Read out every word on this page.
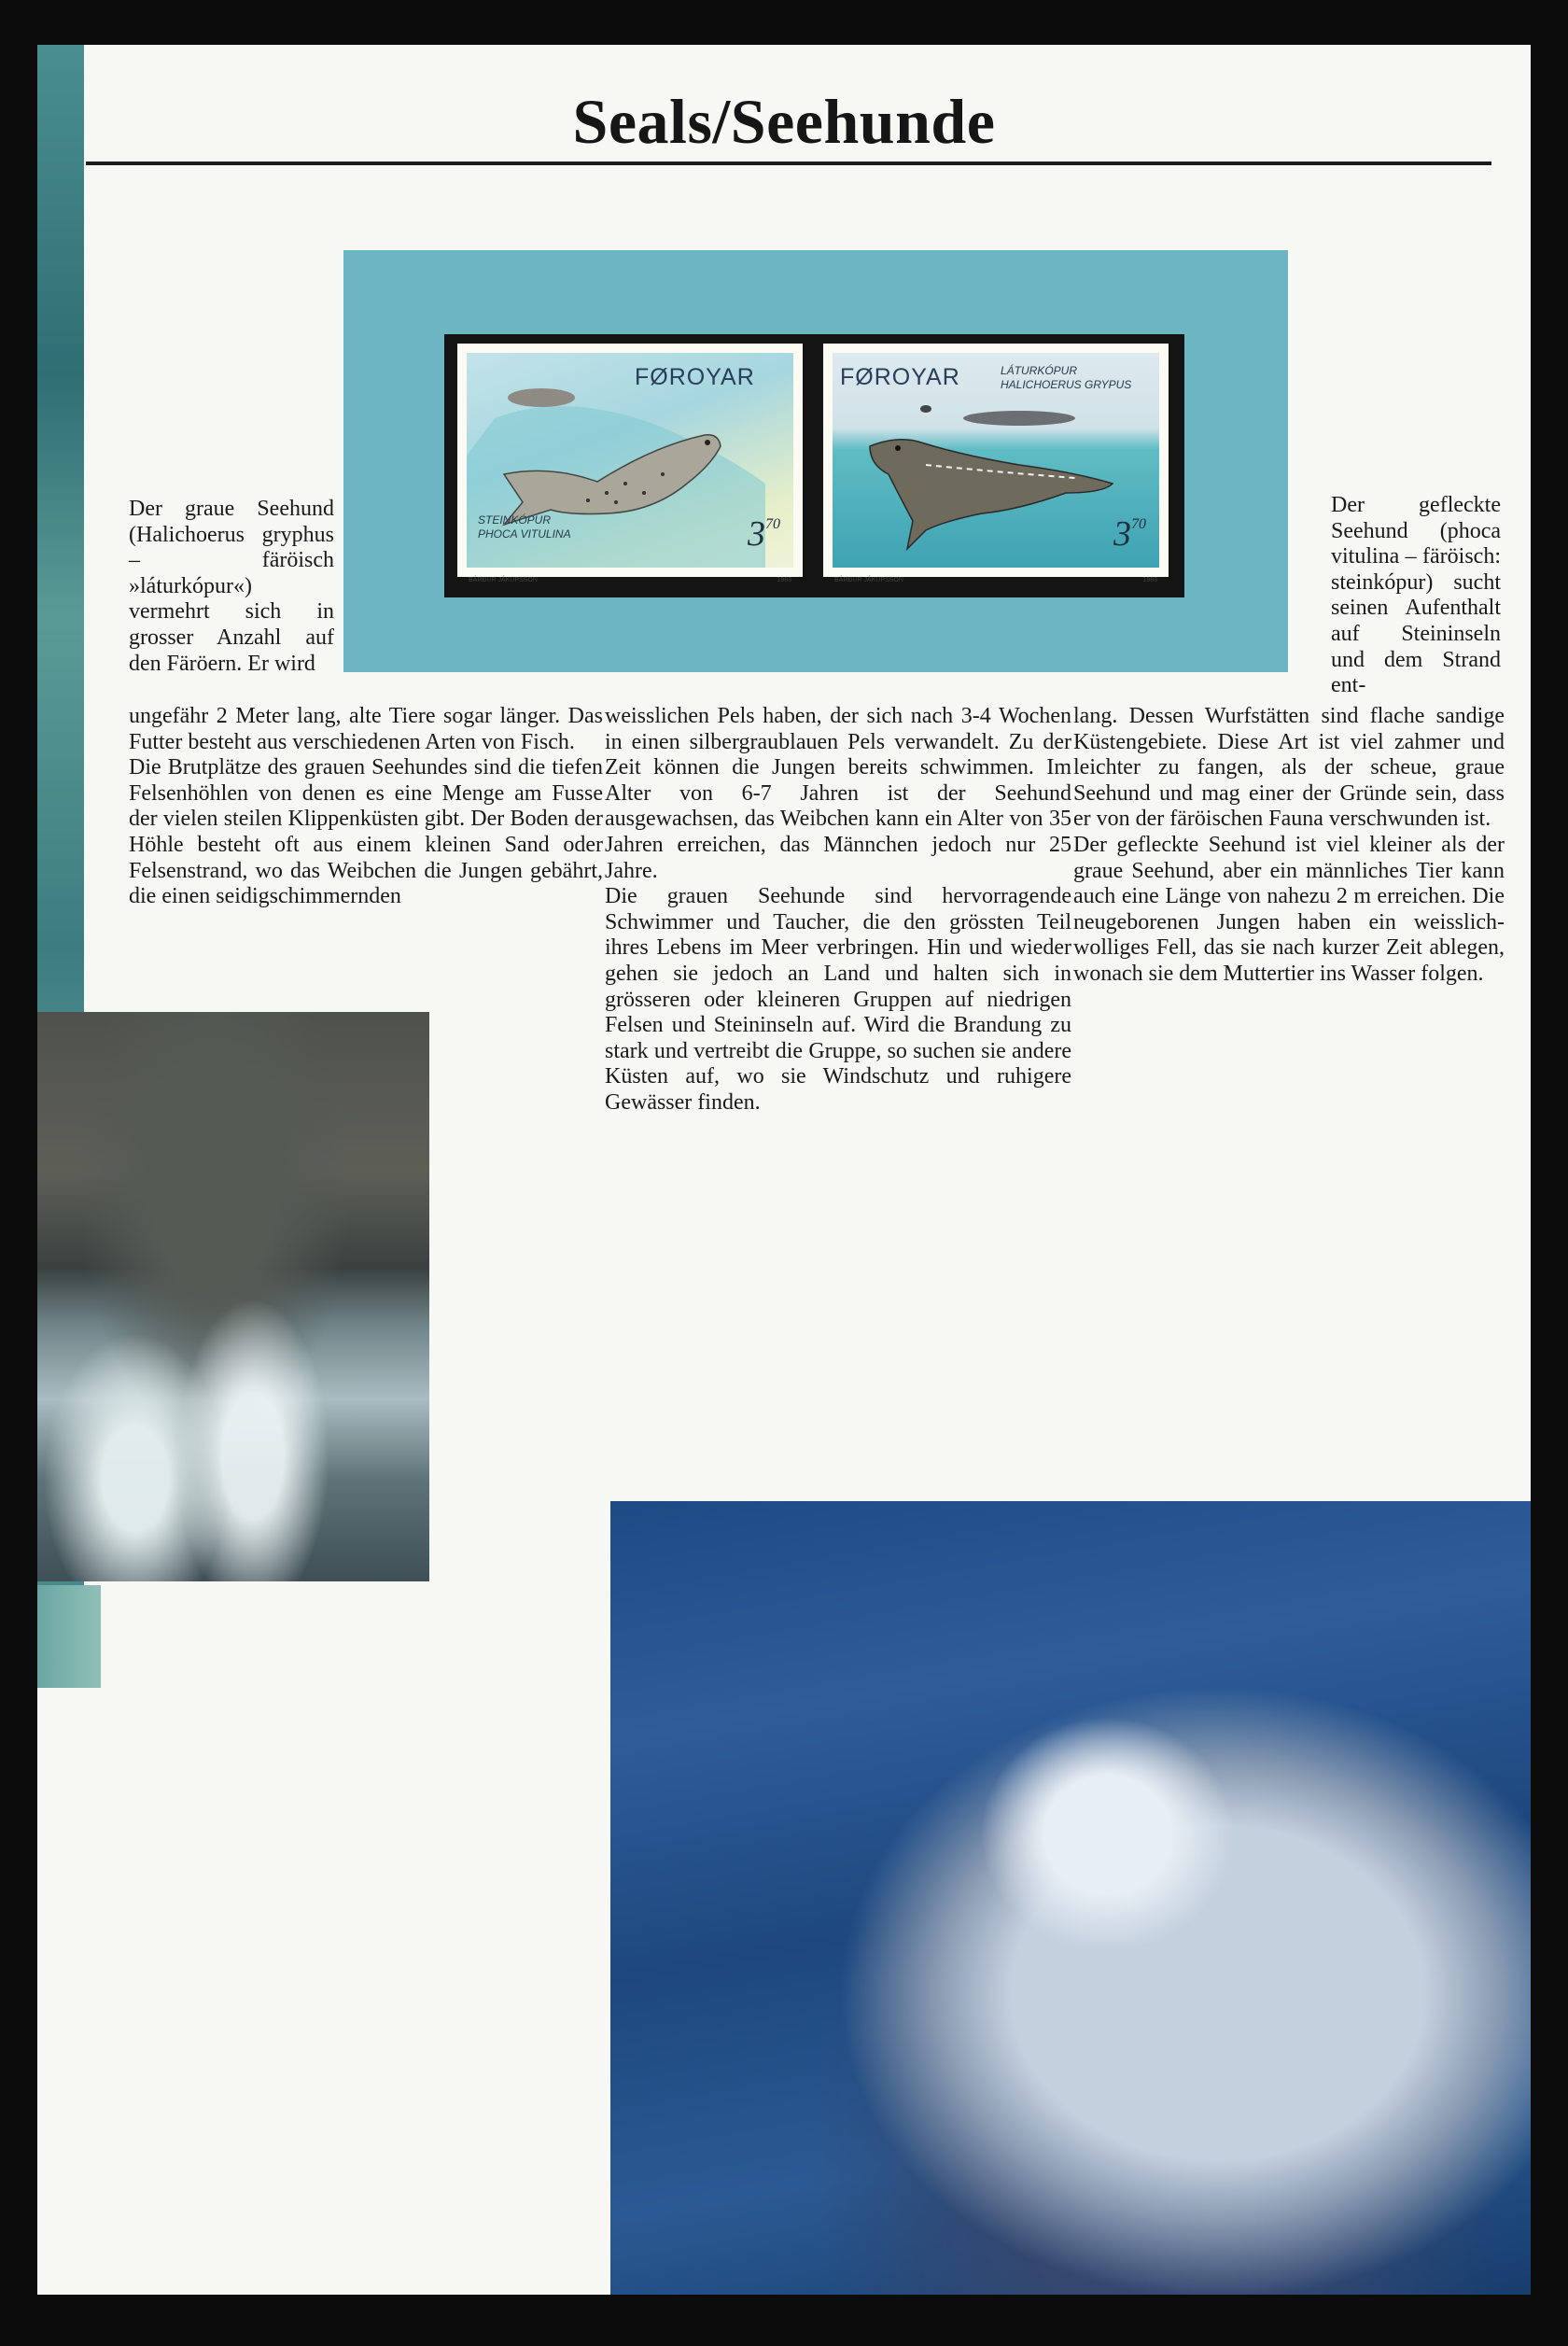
Seals/Seehunde
FØROYAR
STEINKÓPUR
PHOCA VITULINA	$3^{70}$
BÁRÐUR JÁKUPSSON	1983
FØROYAR	LÁTURKÓPUR
HALICHOERUS GRYPUS
$3^{70}$
BÁRÐUR JÁKUPSSON	1983

Der graue Seehund (Halichoerus gryphus – färöisch »láturkópur«) vermehrt sich in grosser Anzahl auf den Färöern. Er wird

ungefähr 2 Meter lang, alte Tiere sogar länger. Das Futter besteht aus verschiedenen Arten von Fisch.

Die Brutplätze des grauen Seehundes sind die tiefen Felsenhöhlen von denen es eine Menge am Fusse der vielen steilen Klippenküsten gibt. Der Boden der Höhle besteht oft aus einem kleinen Sand oder Felsenstrand, wo das Weibchen die Jungen gebährt, die einen seidigschimmernden

weisslichen Pels haben, der sich nach 3-4 Wochen in einen silbergraublauen Pels verwandelt. Zu der Zeit können die Jungen bereits schwimmen. Im Alter von 6-7 Jahren ist der Seehund ausgewachsen, das Weibchen kann ein Alter von 35 Jahren erreichen, das Männchen jedoch nur 25 Jahre.

Die grauen Seehunde sind hervorragende Schwimmer und Taucher, die den grössten Teil ihres Lebens im Meer verbringen. Hin und wieder gehen sie jedoch an Land und halten sich in grösseren oder kleineren Gruppen auf niedrigen Felsen und Steininseln auf. Wird die Brandung zu stark und vertreibt die Gruppe, so suchen sie andere Küsten auf, wo sie Windschutz und ruhigere Gewässer finden.

Der gefleckte Seehund (phoca vitulina – färöisch: steinkópur) sucht seinen Aufenthalt auf Steininseln und dem Strand ent-

lang. Dessen Wurfstätten sind flache sandige Küstengebiete. Diese Art ist viel zahmer und leichter zu fangen, als der scheue, graue Seehund und mag einer der Gründe sein, dass er von der färöischen Fauna verschwunden ist.

Der gefleckte Seehund ist viel kleiner als der graue Seehund, aber ein männliches Tier kann auch eine Länge von nahezu 2 m erreichen. Die neugeborenen Jungen haben ein weisslich-wolliges Fell, das sie nach kurzer Zeit ablegen, wonach sie dem Muttertier ins Wasser folgen.
